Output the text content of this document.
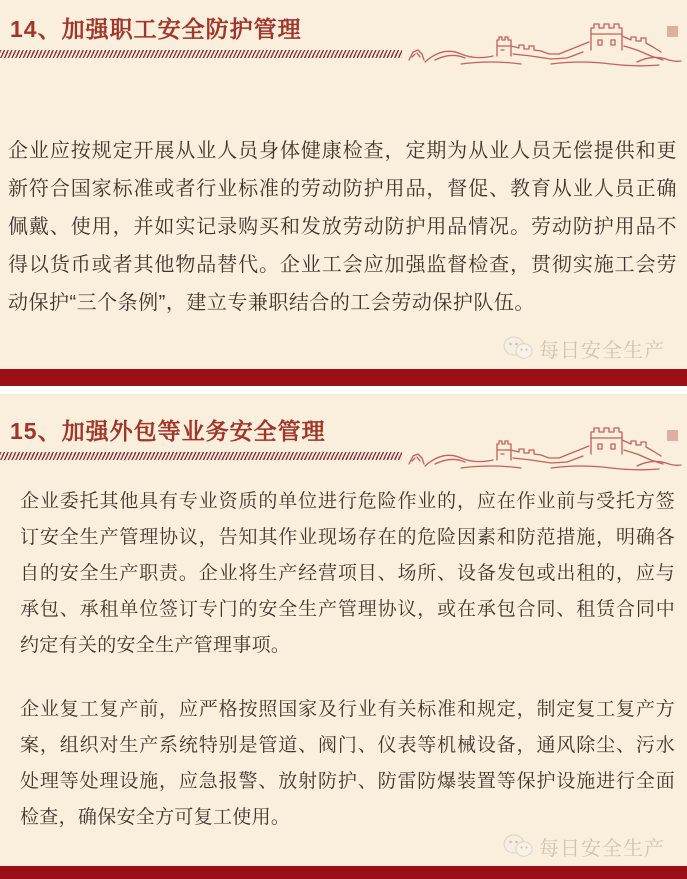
14、加强职工安全防护管理

企业应按规定开展从业人员身体健康检查，定期为从业人员无偿提供和更新符合国家标准或者行业标准的劳动防护用品，督促、教育从业人员正确佩戴、使用，并如实记录购买和发放劳动防护用品情况。劳动防护用品不得以货币或者其他物品替代。企业工会应加强监督检查，贯彻实施工会劳动保护“三个条例”，建立专兼职结合的工会劳动保护队伍。

每日安全生产
15、加强外包等业务安全管理

企业委托其他具有专业资质的单位进行危险作业的，应在作业前与受托方签订安全生产管理协议，告知其作业现场存在的危险因素和防范措施，明确各自的安全生产职责。企业将生产经营项目、场所、设备发包或出租的，应与承包、承租单位签订专门的安全生产管理协议，或在承包合同、租赁合同中约定有关的安全生产管理事项。

企业复工复产前，应严格按照国家及行业有关标准和规定，制定复工复产方案，组织对生产系统特别是管道、阀门、仪表等机械设备，通风除尘、污水处理等处理设施，应急报警、放射防护、防雷防爆装置等保护设施进行全面检查，确保安全方可复工使用。

每日安全生产
